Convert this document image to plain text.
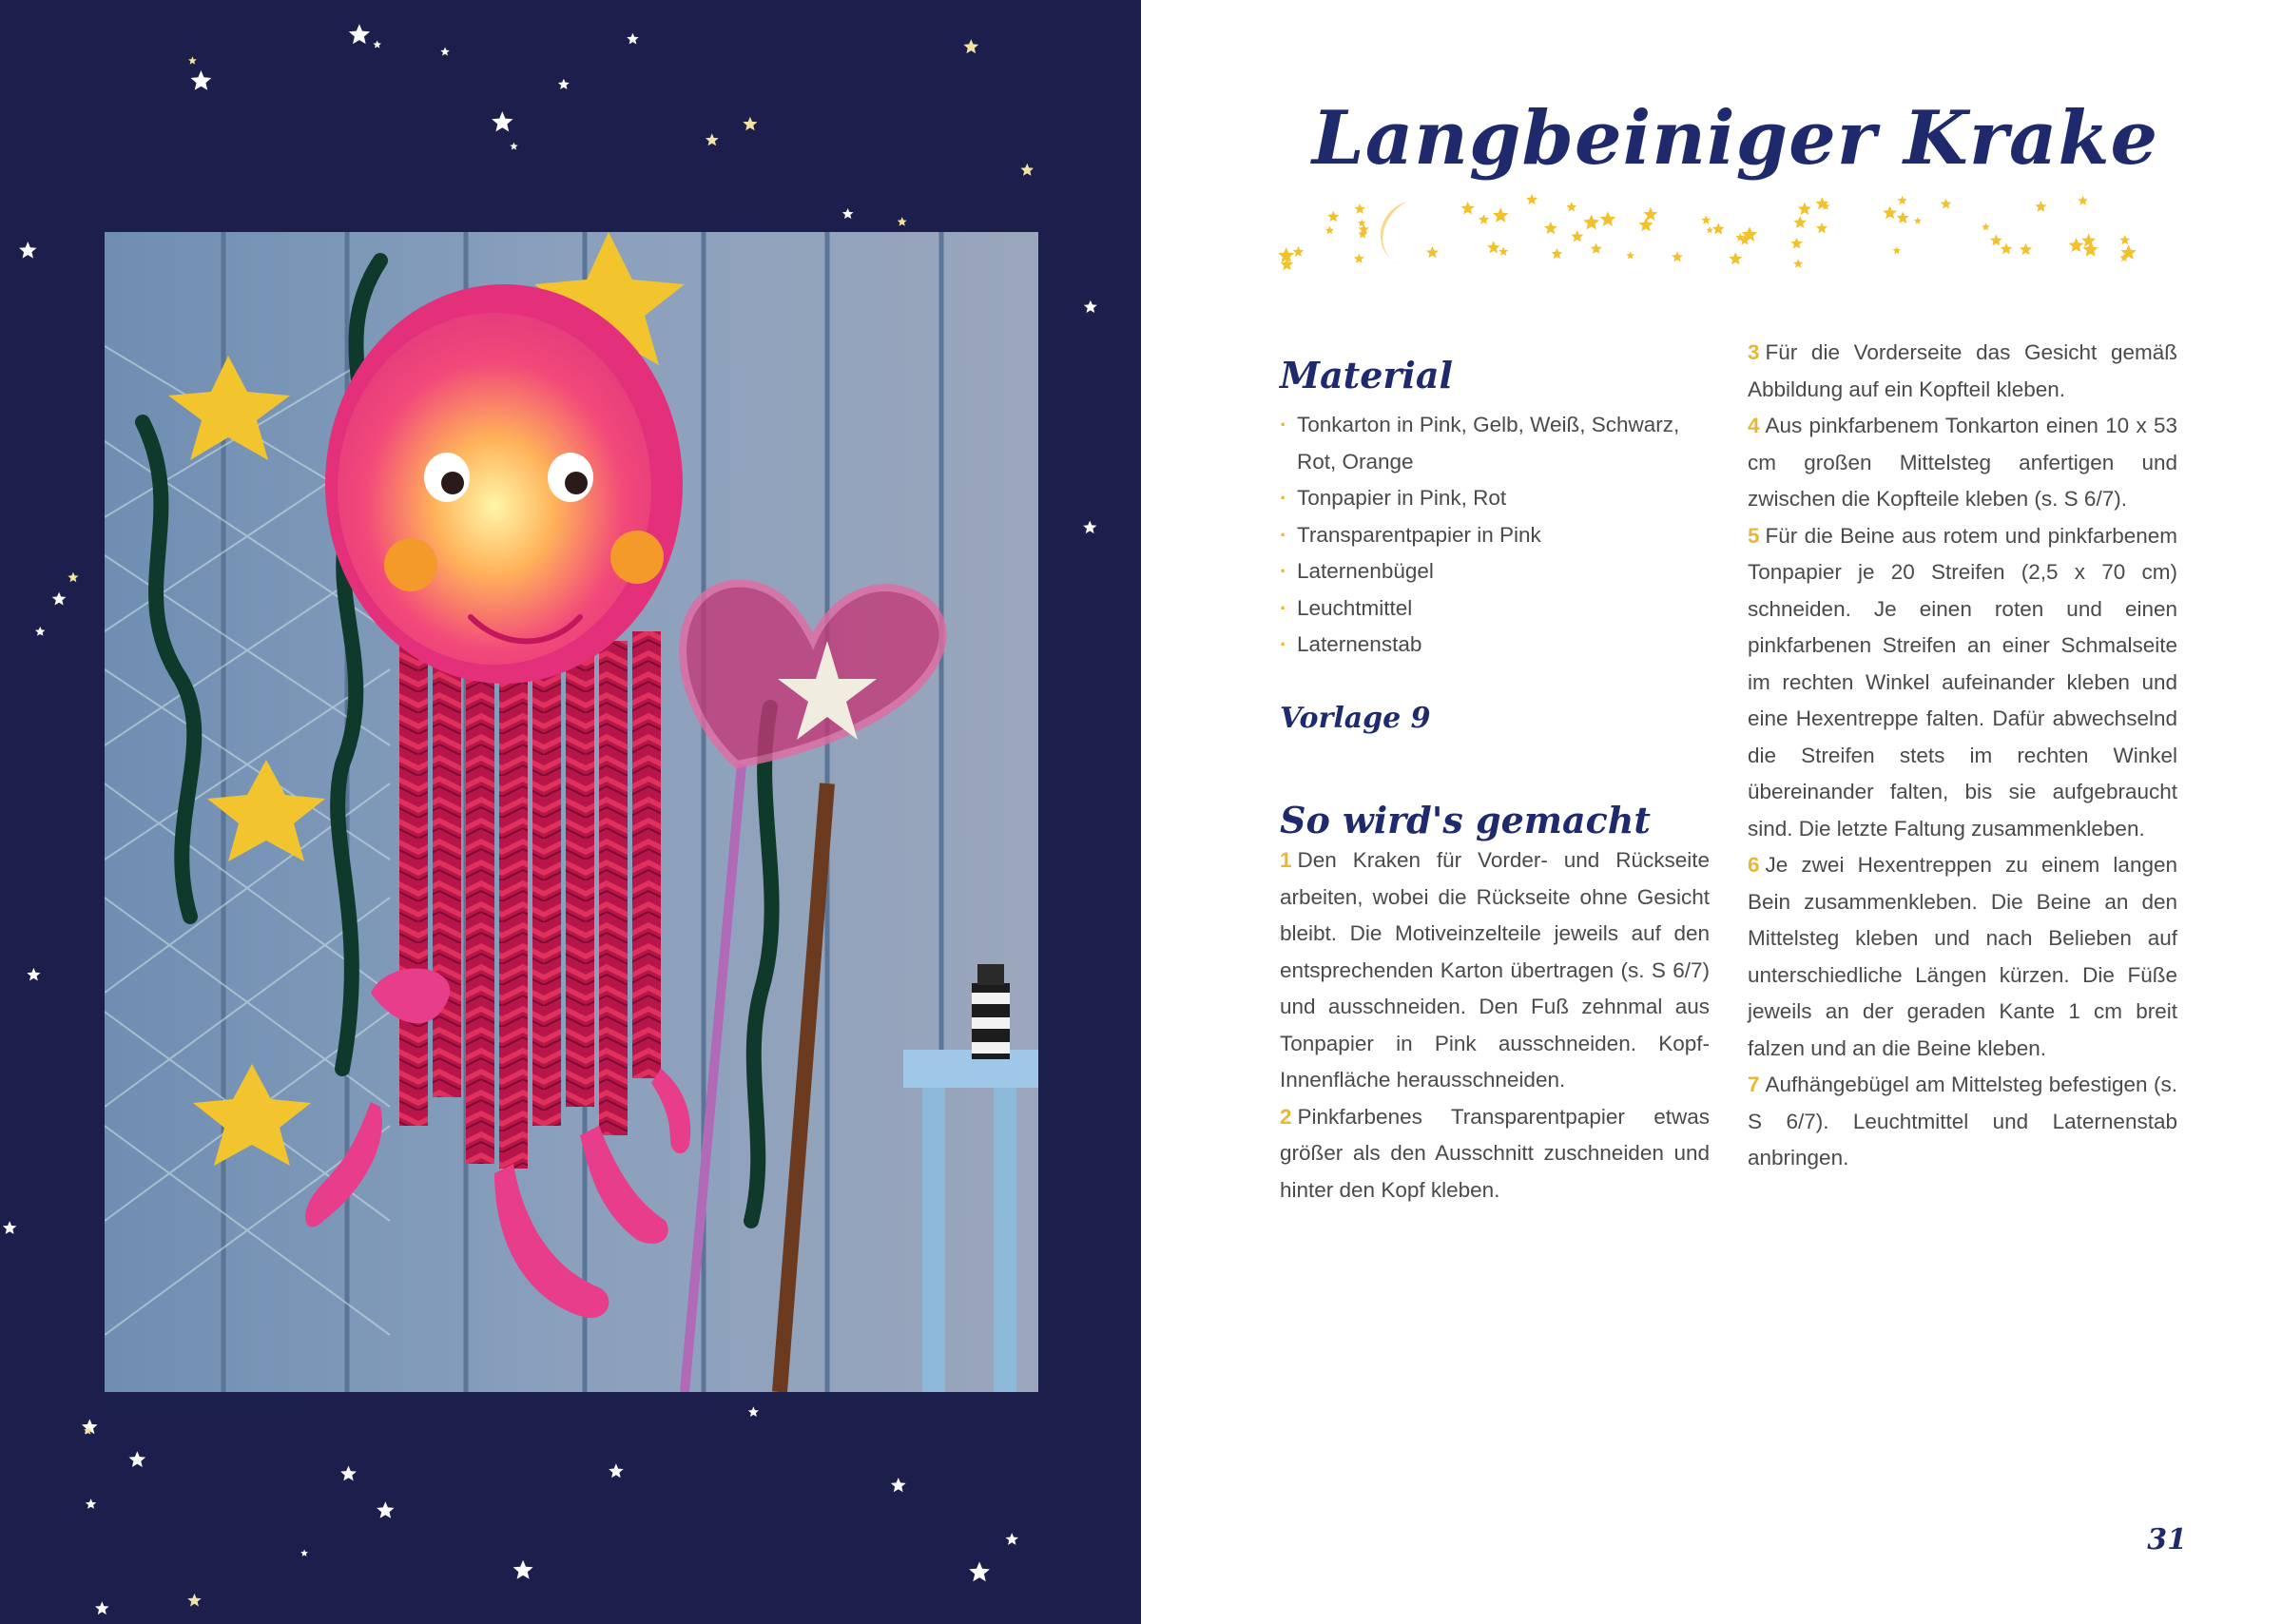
Langbeiniger Krake
Material
· Tonkarton in Pink, Gelb, Weiß, Schwarz, Rot, Orange
· Tonpapier in Pink, Rot
· Transparentpapier in Pink
· Laternenbügel
· Leuchtmittel
· Laternenstab
Vorlage 9
So wird's gemacht

1 Den Kraken für Vorder- und Rückseite arbeiten, wobei die Rückseite ohne Gesicht bleibt. Die Motiveinzelteile jeweils auf den entsprechenden Karton übertragen (s. S 6/7) und ausschneiden. Den Fuß zehnmal aus Tonpapier in Pink ausschneiden. Kopf-Innenfläche herausschneiden.

2 Pinkfarbenes Transparentpapier etwas größer als den Ausschnitt zuschneiden und hinter den Kopf kleben.

3 Für die Vorderseite das Gesicht gemäß Abbildung auf ein Kopfteil kleben.

4 Aus pinkfarbenem Tonkarton einen 10 x 53 cm großen Mittelsteg anfertigen und zwischen die Kopfteile kleben (s. S 6/7).

5 Für die Beine aus rotem und pinkfarbenem Tonpapier je 20 Streifen (2,5 x 70 cm) schneiden. Je einen roten und einen pinkfarbenen Streifen an einer Schmalseite im rechten Winkel aufeinander kleben und eine Hexentreppe falten. Dafür abwechselnd die Streifen stets im rechten Winkel übereinander falten, bis sie aufgebraucht sind. Die letzte Faltung zusammenkleben.

6 Je zwei Hexentreppen zu einem langen Bein zusammenkleben. Die Beine an den Mittelsteg kleben und nach Belieben auf unterschiedliche Längen kürzen. Die Füße jeweils an der geraden Kante 1 cm breit falzen und an die Beine kleben.

7 Aufhängebügel am Mittelsteg befestigen (s. S 6/7). Leuchtmittel und Laternenstab anbringen.

31
